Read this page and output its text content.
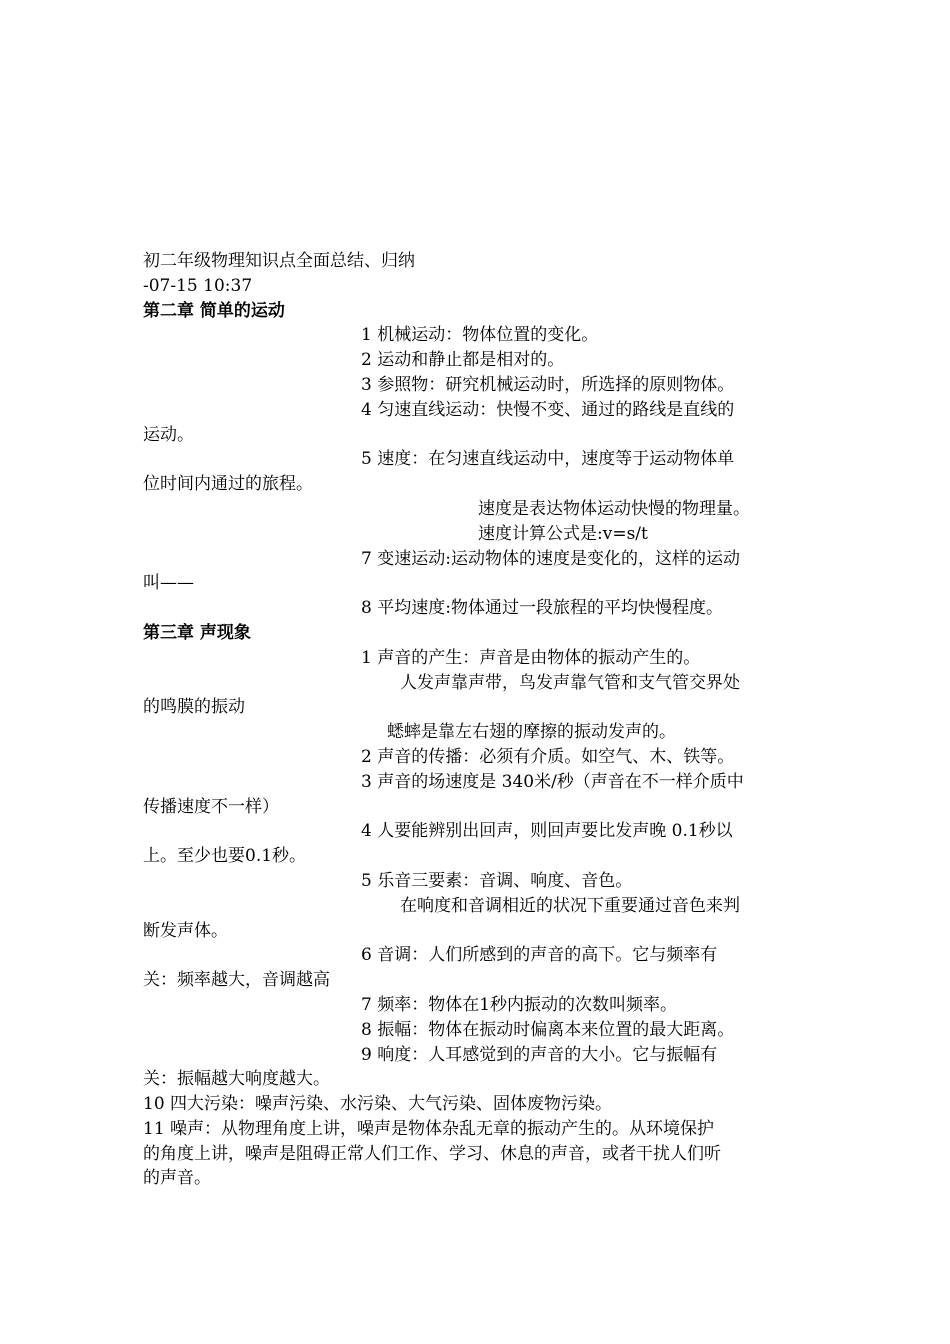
初二年级物理知识点全面总结、归纳
-07-15 10:37
第二章 简单的运动
1 机械运动：物体位置的变化。
2 运动和静止都是相对的。
3 参照物：研究机械运动时，所选择的原则物体。
4 匀速直线运动：快慢不变、通过的路线是直线的
运动。
5 速度：在匀速直线运动中，速度等于运动物体单
位时间内通过的旅程。
速度是表达物体运动快慢的物理量。
速度计算公式是:v=s/t
7 变速运动:运动物体的速度是变化的，这样的运动
叫——
8 平均速度:物体通过一段旅程的平均快慢程度。
第三章 声现象
1 声音的产生：声音是由物体的振动产生的。
人发声靠声带，鸟发声靠气管和支气管交界处
的鸣膜的振动
蟋蟀是靠左右翅的摩擦的振动发声的。
2 声音的传播：必须有介质。如空气、木、铁等。
3 声音的场速度是 340米/秒（声音在不一样介质中
传播速度不一样）
4 人要能辨别出回声，则回声要比发声晚 0.1秒以
上。至少也要0.1秒。
5 乐音三要素：音调、响度、音色。
在响度和音调相近的状况下重要通过音色来判
断发声体。
6 音调：人们所感到的声音的高下。它与频率有
关：频率越大，音调越高
7 频率：物体在1秒内振动的次数叫频率。
8 振幅：物体在振动时偏离本来位置的最大距离。
9 响度：人耳感觉到的声音的大小。它与振幅有
关：振幅越大响度越大。
10 四大污染：噪声污染、水污染、大气污染、固体废物污染。
11 噪声：从物理角度上讲，噪声是物体杂乱无章的振动产生的。从环境保护
的角度上讲，噪声是阻碍正常人们工作、学习、休息的声音，或者干扰人们听
的声音。
